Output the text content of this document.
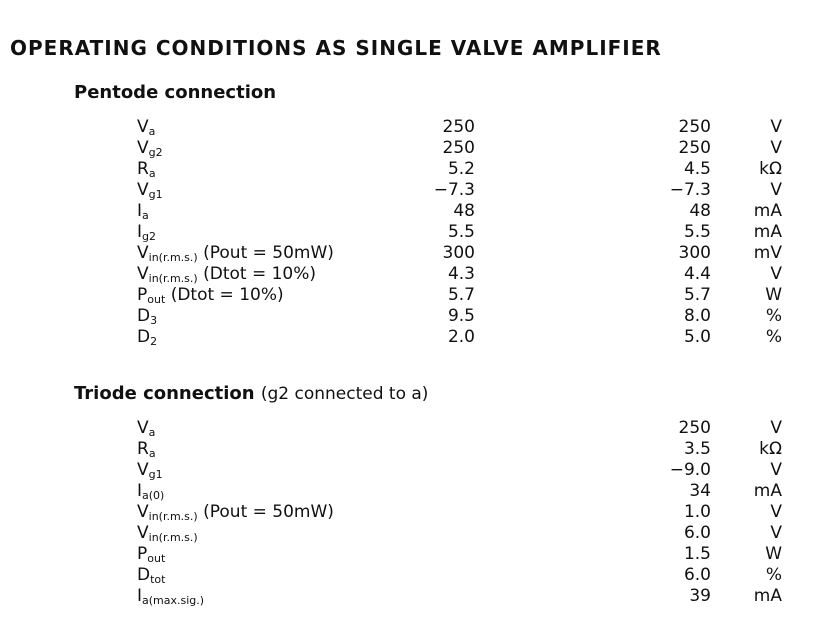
OPERATING CONDITIONS AS SINGLE VALVE AMPLIFIER
Pentode connection
$V_a$	250	250	V
$V_{g2}$	250	250	V
$R_a$	5.2	4.5	kΩ
$V_{g1}$	−7.3	−7.3	V
$I_a$	48	48	mA
$I_{g2}$	5.5	5.5	mA
$V_{in(r.m.s.)}$ (Pout = 50mW)	300	300	mV
$V_{in(r.m.s.)}$ (Dtot = 10%)	4.3	4.4	V
$P_{out}$ (Dtot = 10%)	5.7	5.7	W
$D_3$	9.5	8.0	%
$D_2$	2.0	5.0	%
Triode connection (g2 connected to a)
$V_a$	250	V
$R_a$	3.5	kΩ
$V_{g1}$	−9.0	V
$I_{a(0)}$	34	mA
$V_{in(r.m.s.)}$ (Pout = 50mW)	1.0	V
$V_{in(r.m.s.)}$	6.0	V
$P_{out}$	1.5	W
$D_{tot}$	6.0	%
$I_{a(max.sig.)}$	39	mA
